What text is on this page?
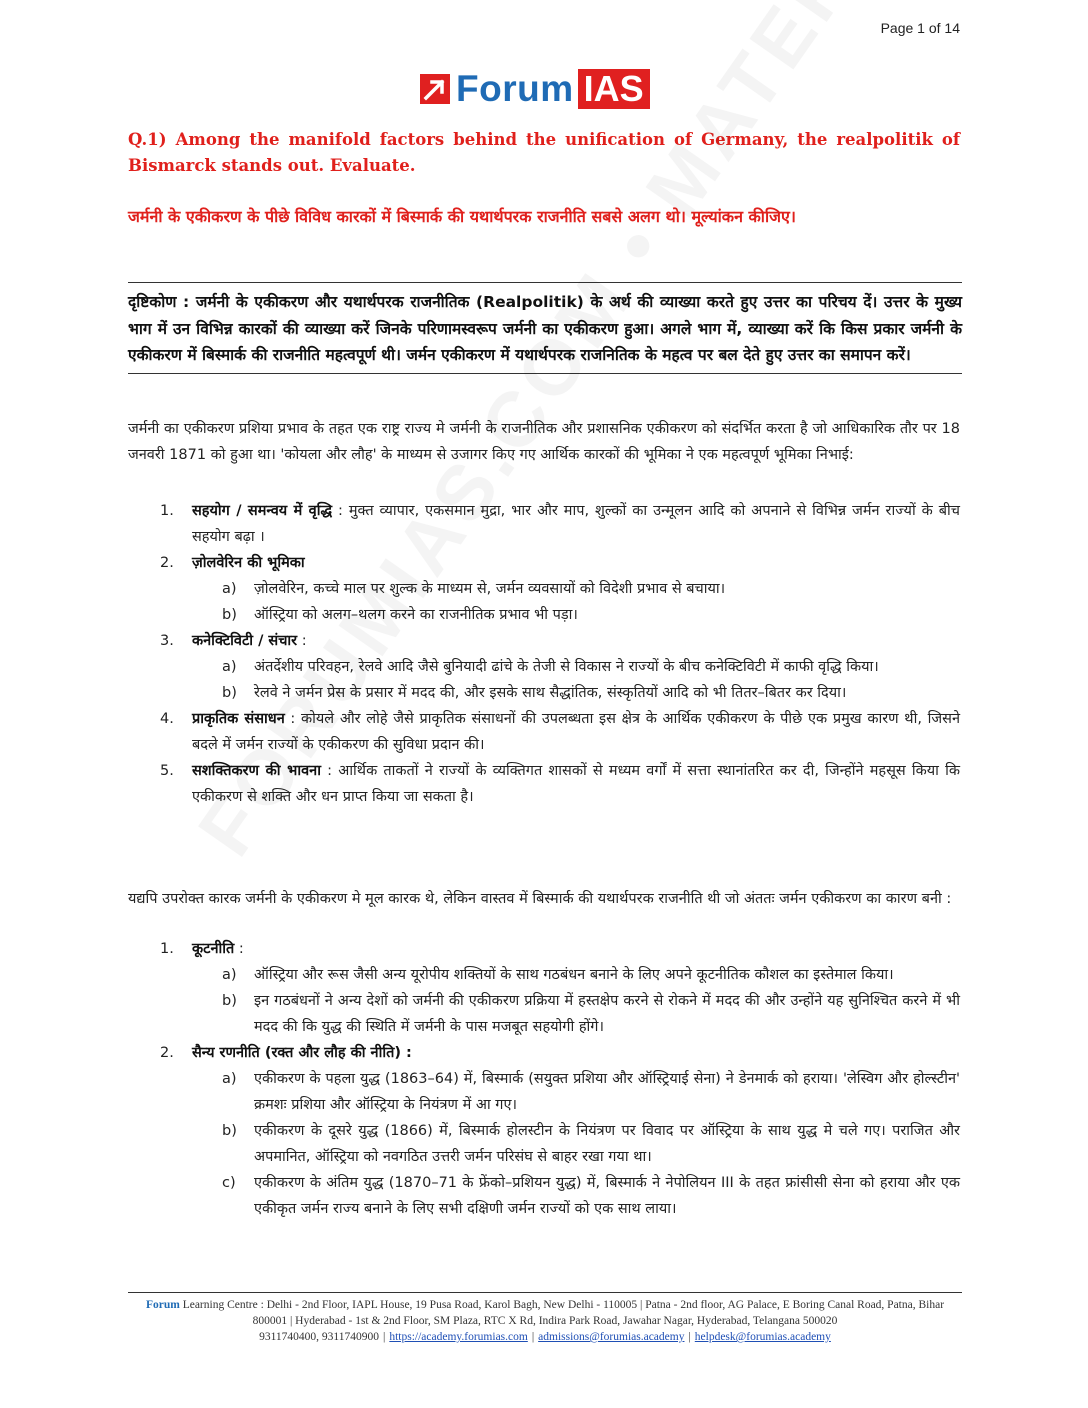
Page 1 of 14
Forum IAS
Q.1) Among the manifold factors behind the unification of Germany, the realpolitik of Bismarck stands out. Evaluate.
जर्मनी के एकीकरण के पीछे विविध कारकों में बिस्मार्क की यथार्थपरक राजनीति सबसे अलग थो। मूल्यांकन कीजिए।

दृष्टिकोण : जर्मनी के एकीकरण और यथार्थपरक राजनीतिक (Realpolitik) के अर्थ की व्याख्या करते हुए उत्तर का परिचय दें। उत्तर के मुख्य भाग में उन विभिन्न कारकों की व्याख्या करें जिनके परिणामस्वरूप जर्मनी का एकीकरण हुआ। अगले भाग में, व्याख्या करें कि किस प्रकार जर्मनी के एकीकरण में बिस्मार्क की राजनीति महत्वपूर्ण थी। जर्मन एकीकरण में यथार्थपरक राजनितिक के महत्व पर बल देते हुए उत्तर का समापन करें।

जर्मनी का एकीकरण प्रशिया प्रभाव के तहत एक राष्ट्र राज्य मे जर्मनी के राजनीतिक और प्रशासनिक एकीकरण को संदर्भित करता है जो आधिकारिक तौर पर 18 जनवरी 1871 को हुआ था। 'कोयला और लौह' के माध्यम से उजागर किए गए आर्थिक कारकों की भूमिका ने एक महत्वपूर्ण भूमिका निभाई:
1.	सहयोग / समन्वय में वृद्धि : मुक्त व्यापार, एकसमान मुद्रा, भार और माप, शुल्कों का उन्मूलन आदि को अपनाने से विभिन्न जर्मन राज्यों के बीच सहयोग बढ़ा ।
2.	ज़ोलवेरिन की भूमिका
a)	ज़ोलवेरिन, कच्चे माल पर शुल्क के माध्यम से, जर्मन व्यवसायों को विदेशी प्रभाव से बचाया।
b)	ऑस्ट्रिया को अलग–थलग करने का राजनीतिक प्रभाव भी पड़ा।
3.	कनेक्टिविटी / संचार :
a)	अंतर्देशीय परिवहन, रेलवे आदि जैसे बुनियादी ढांचे के तेजी से विकास ने राज्यों के बीच कनेक्टिविटी में काफी वृद्धि किया।
b)	रेलवे ने जर्मन प्रेस के प्रसार में मदद की, और इसके साथ सैद्धांतिक, संस्कृतियों आदि को भी तितर–बितर कर दिया।
4.	प्राकृतिक संसाधन : कोयले और लोहे जैसे प्राकृतिक संसाधनों की उपलब्धता इस क्षेत्र के आर्थिक एकीकरण के पीछे एक प्रमुख कारण थी, जिसने बदले में जर्मन राज्यों के एकीकरण की सुविधा प्रदान की।
5.	सशक्तिकरण की भावना : आर्थिक ताकतों ने राज्यों के व्यक्तिगत शासकों से मध्यम वर्गों में सत्ता स्थानांतरित कर दी, जिन्होंने महसूस किया कि एकीकरण से शक्ति और धन प्राप्त किया जा सकता है।
यद्यपि उपरोक्त कारक जर्मनी के एकीकरण मे मूल कारक थे, लेकिन वास्तव में बिस्मार्क की यथार्थपरक राजनीति थी जो अंततः जर्मन एकीकरण का कारण बनी :
1.	कूटनीति :
a)	ऑस्ट्रिया और रूस जैसी अन्य यूरोपीय शक्तियों के साथ गठबंधन बनाने के लिए अपने कूटनीतिक कौशल का इस्तेमाल किया।
b)	इन गठबंधनों ने अन्य देशों को जर्मनी की एकीकरण प्रक्रिया में हस्तक्षेप करने से रोकने में मदद की और उन्होंने यह सुनिश्चित करने में भी मदद की कि युद्ध की स्थिति में जर्मनी के पास मजबूत सहयोगी होंगे।
2.	सैन्य रणनीति (रक्त और लौह की नीति) :
a)	एकीकरण के पहला युद्ध (1863–64) में, बिस्मार्क (सयुक्त प्रशिया और ऑस्ट्रियाई सेना) ने डेनमार्क को हराया। 'लेस्विग और होल्स्टीन' क्रमशः प्रशिया और ऑस्ट्रिया के नियंत्रण में आ गए।
b)	एकीकरण के दूसरे युद्ध (1866) में, बिस्मार्क होलस्टीन के नियंत्रण पर विवाद पर ऑस्ट्रिया के साथ युद्ध मे चले गए। पराजित और अपमानित, ऑस्ट्रिया को नवगठित उत्तरी जर्मन परिसंघ से बाहर रखा गया था।
c)	एकीकरण के अंतिम युद्ध (1870–71 के फ्रेंको–प्रशियन युद्ध) में, बिस्मार्क ने नेपोलियन III के तहत फ्रांसीसी सेना को हराया और एक एकीकृत जर्मन राज्य बनाने के लिए सभी दक्षिणी जर्मन राज्यों को एक साथ लाया।
Forum Learning Centre : Delhi - 2nd Floor, IAPL House, 19 Pusa Road, Karol Bagh, New Delhi - 110005 | Patna - 2nd floor, AG Palace, E Boring Canal Road, Patna, Bihar 800001 | Hyderabad - 1st & 2nd Floor, SM Plaza, RTC X Rd, Indira Park Road, Jawahar Nagar, Hyderabad, Telangana 500020
9311740400, 9311740900 | https://academy.forumias.com | admissions@forumias.academy | helpdesk@forumias.academy
